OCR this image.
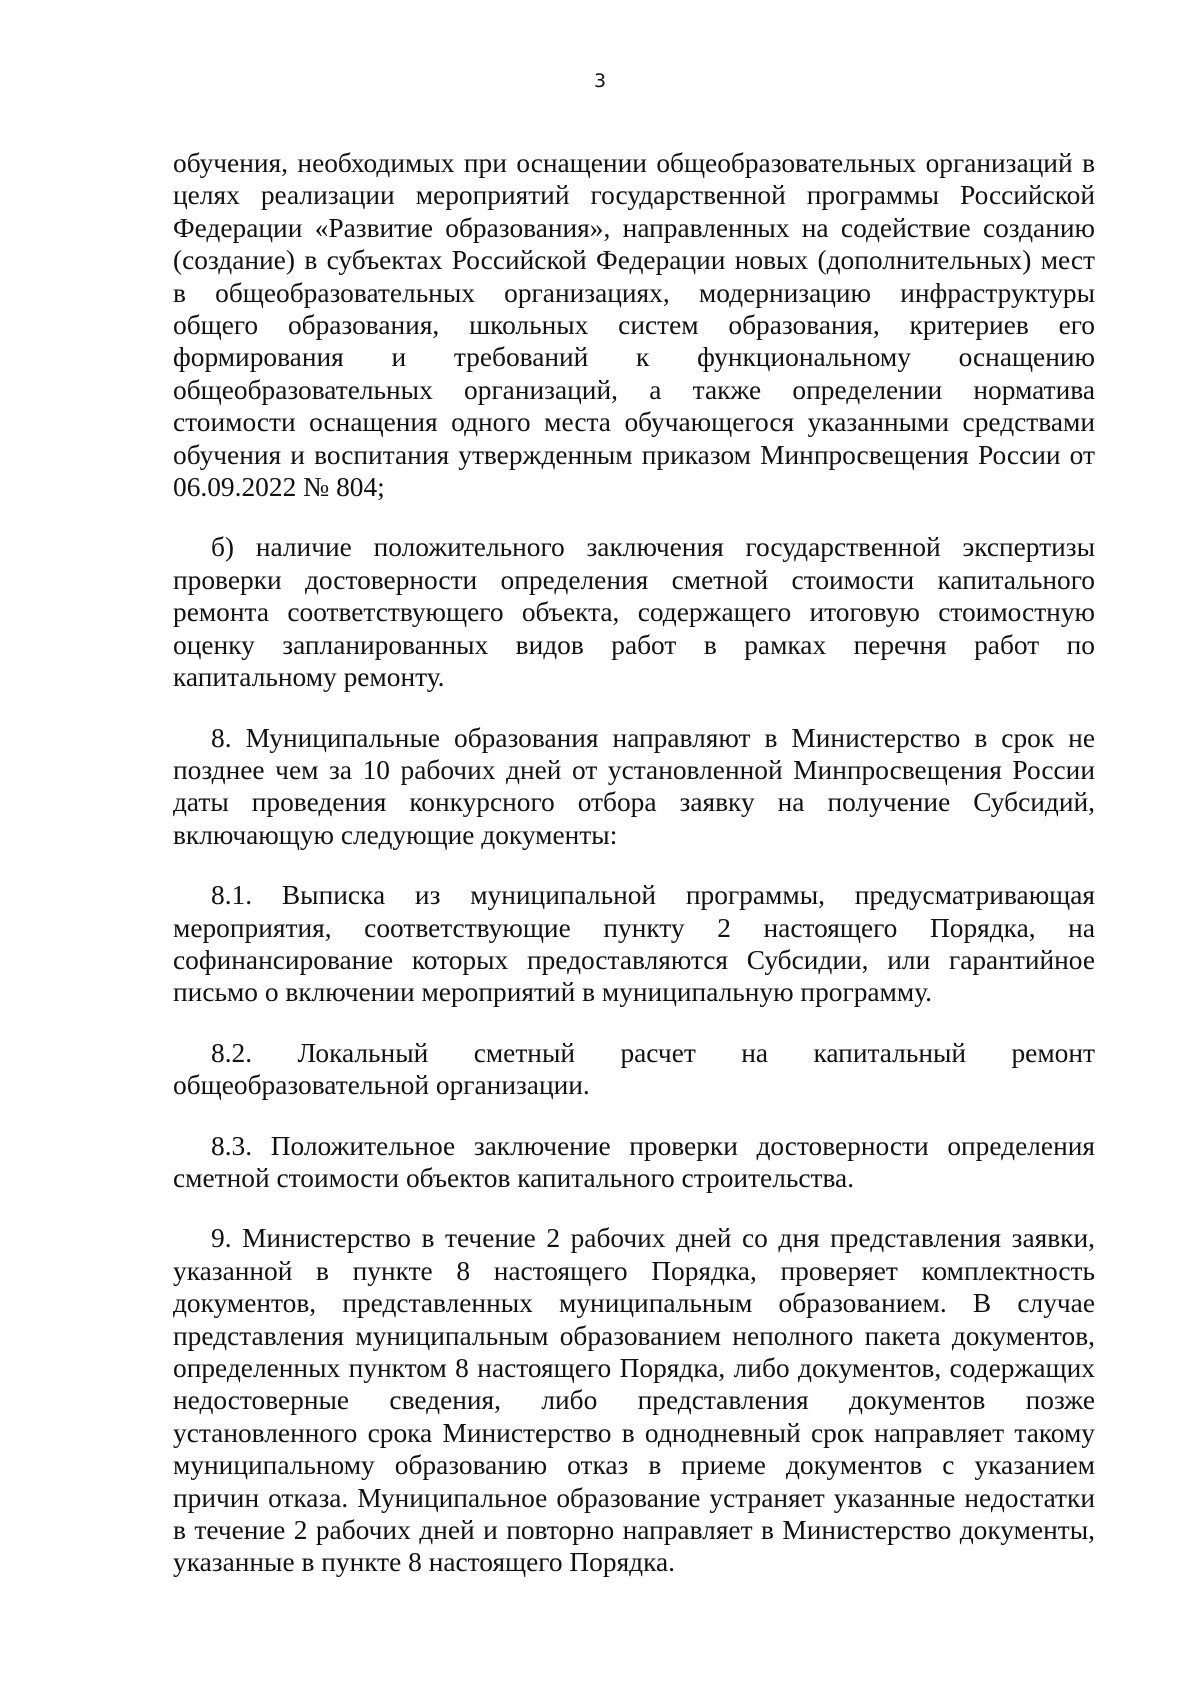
3

обучения, необходимых при оснащении общеобразовательных организаций в целях реализации мероприятий государственной программы Российской Федерации «Развитие образования», направленных на содействие созданию (создание) в субъектах Российской Федерации новых (дополнительных) мест в общеобразовательных организациях, модернизацию инфраструктуры общего образования, школьных систем образования, критериев его формирования и требований к функциональному оснащению общеобразовательных организаций, а также определении норматива стоимости оснащения одного места обучающегося указанными средствами обучения и воспитания утвержденным приказом Минпросвещения России от 06.09.2022 № 804;

б) наличие положительного заключения государственной экспертизы проверки достоверности определения сметной стоимости капитального ремонта соответствующего объекта, содержащего итоговую стоимостную оценку запланированных видов работ в рамках перечня работ по капитальному ремонту.

8. Муниципальные образования направляют в Министерство в срок не позднее чем за 10 рабочих дней от установленной Минпросвещения России даты проведения конкурсного отбора заявку на получение Субсидий, включающую следующие документы:

8.1. Выписка из муниципальной программы, предусматривающая мероприятия, соответствующие пункту 2 настоящего Порядка, на софинансирование которых предоставляются Субсидии, или гарантийное письмо о включении мероприятий в муниципальную программу.

8.2. Локальный сметный расчет на капитальный ремонт общеобразовательной организации.

8.3. Положительное заключение проверки достоверности определения сметной стоимости объектов капитального строительства.

9. Министерство в течение 2 рабочих дней со дня представления заявки, указанной в пункте 8 настоящего Порядка, проверяет комплектность документов, представленных муниципальным образованием. В случае представления муниципальным образованием неполного пакета документов, определенных пунктом 8 настоящего Порядка, либо документов, содержащих недостоверные сведения, либо представления документов позже установленного срока Министерство в однодневный срок направляет такому муниципальному образованию отказ в приеме документов с указанием причин отказа. Муниципальное образование устраняет указанные недостатки в течение 2 рабочих дней и повторно направляет в Министерство документы, указанные в пункте 8 настоящего Порядка.
